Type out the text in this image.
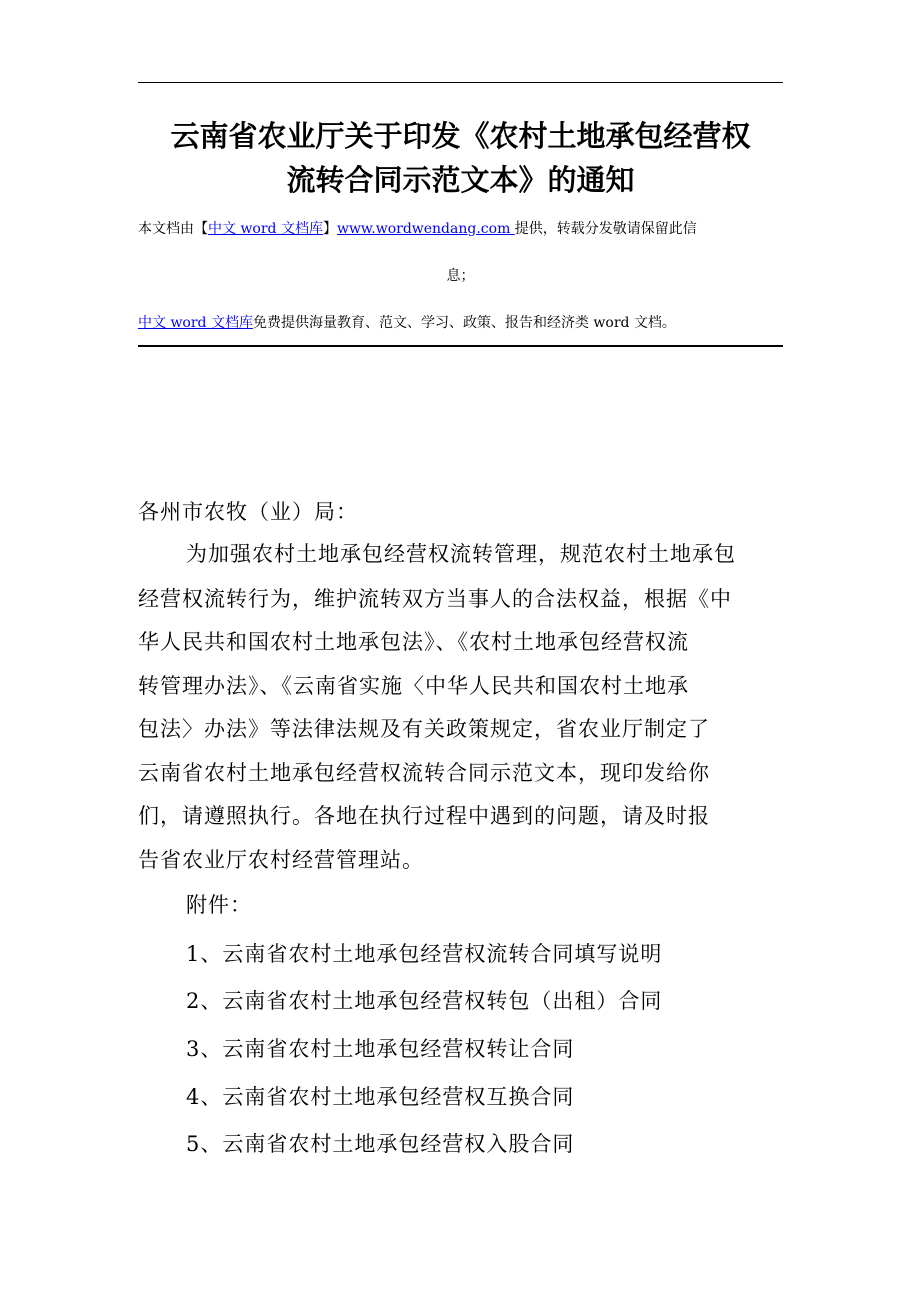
云南省农业厅关于印发《农村土地承包经营权
流转合同示范文本》的通知
本文档由【中文 word 文档库】www.wordwendang.com 提供，转载分发敬请保留此信
息；
中文 word 文档库免费提供海量教育、范文、学习、政策、报告和经济类 word 文档。
各州市农牧（业）局：
为加强农村土地承包经营权流转管理，规范农村土地承包
经营权流转行为，维护流转双方当事人的合法权益，根据《中
华人民共和国农村土地承包法》、《农村土地承包经营权流
转管理办法》、《云南省实施〈中华人民共和国农村土地承
包法〉办法》等法律法规及有关政策规定，省农业厅制定了
云南省农村土地承包经营权流转合同示范文本，现印发给你
们，请遵照执行。各地在执行过程中遇到的问题，请及时报
告省农业厅农村经营管理站。
附件：
1、云南省农村土地承包经营权流转合同填写说明
2、云南省农村土地承包经营权转包（出租）合同
3、云南省农村土地承包经营权转让合同
4、云南省农村土地承包经营权互换合同
5、云南省农村土地承包经营权入股合同
